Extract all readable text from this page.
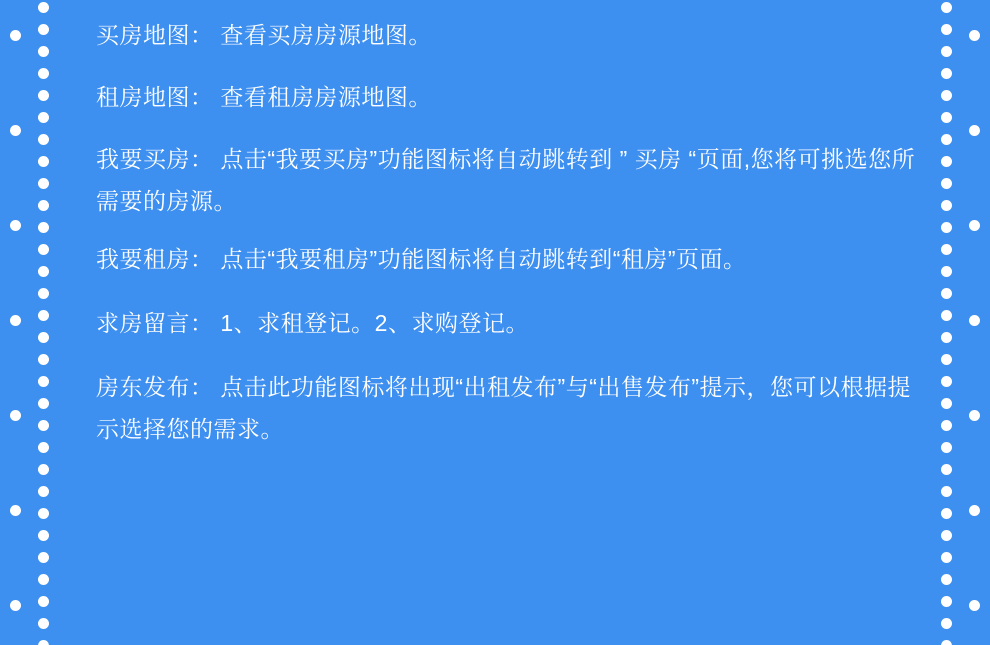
买房地图： 查看买房房源地图。

租房地图： 查看租房房源地图。

我要买房： 点击“我要买房”功能图标将自动跳转到 ” 买房 “页面,您将可挑选您所需要的房源。

我要租房： 点击“我要租房”功能图标将自动跳转到“租房”页面。

求房留言： 1、求租登记。2、求购登记。

房东发布： 点击此功能图标将出现“出租发布”与“出售发布”提示，您可以根据提示选择您的需求。
